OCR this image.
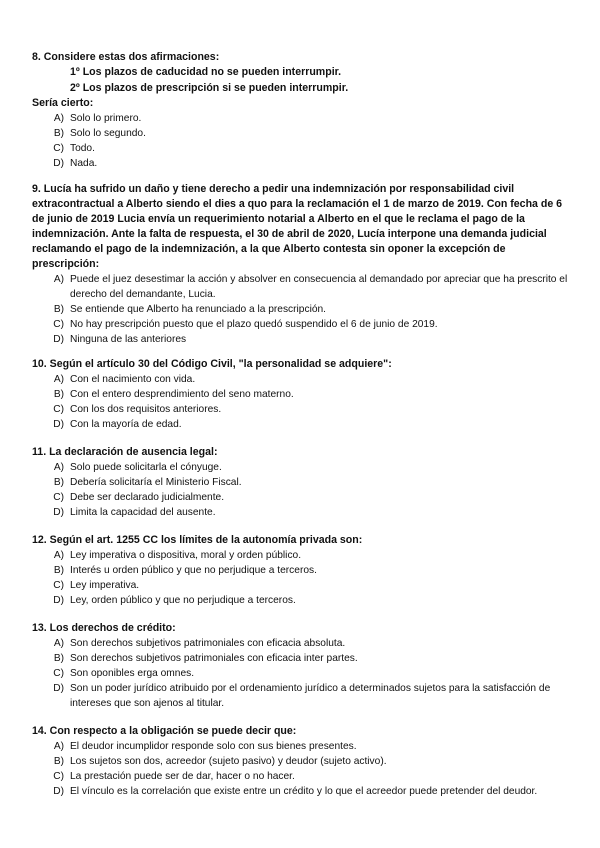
8. Considere estas dos afirmaciones:

1º Los plazos de caducidad no se pueden interrumpir.

2º Los plazos de prescripción si se pueden interrumpir.

Sería cierto:

A) Solo lo primero.
B) Solo lo segundo.
C) Todo.
D) Nada.

9. Lucía ha sufrido un daño y tiene derecho a pedir una indemnización por responsabilidad civil extracontractual a Alberto siendo el dies a quo para la reclamación el 1 de marzo de 2019. Con fecha de 6 de junio de 2019 Lucia envía un requerimiento notarial a Alberto en el que le reclama el pago de la indemnización. Ante la falta de respuesta, el 30 de abril de 2020, Lucía interpone una demanda judicial reclamando el pago de la indemnización, a la que Alberto contesta sin oponer la excepción de prescripción:

A) Puede el juez desestimar la acción y absolver en consecuencia al demandado por apreciar que ha prescrito el derecho del demandante, Lucia.
B) Se entiende que Alberto ha renunciado a la prescripción.
C) No hay prescripción puesto que el plazo quedó suspendido el 6 de junio de 2019.
D) Ninguna de las anteriores

10. Según el artículo 30 del Código Civil, "la personalidad se adquiere":

A) Con el nacimiento con vida.
B) Con el entero desprendimiento del seno materno.
C) Con los dos requisitos anteriores.
D) Con la mayoría de edad.

11. La declaración de ausencia legal:

A) Solo puede solicitarla el cónyuge.
B) Debería solicitaría el Ministerio Fiscal.
C) Debe ser declarado judicialmente.
D) Limita la capacidad del ausente.

12. Según el art. 1255 CC los límites de la autonomía privada son:

A) Ley imperativa o dispositiva, moral y orden público.
B) Interés u orden público y que no perjudique a terceros.
C) Ley imperativa.
D) Ley, orden público y que no perjudique a terceros.

13. Los derechos de crédito:

A) Son derechos subjetivos patrimoniales con eficacia absoluta.
B) Son derechos subjetivos patrimoniales con eficacia inter partes.
C) Son oponibles erga omnes.
D) Son un poder jurídico atribuido por el ordenamiento jurídico a determinados sujetos para la satisfacción de intereses que son ajenos al titular.

14. Con respecto a la obligación se puede decir que:

A) El deudor incumplidor responde solo con sus bienes presentes.
B) Los sujetos son dos, acreedor (sujeto pasivo) y deudor (sujeto activo).
C) La prestación puede ser de dar, hacer o no hacer.
D) El vínculo es la correlación que existe entre un crédito y lo que el acreedor puede pretender del deudor.
